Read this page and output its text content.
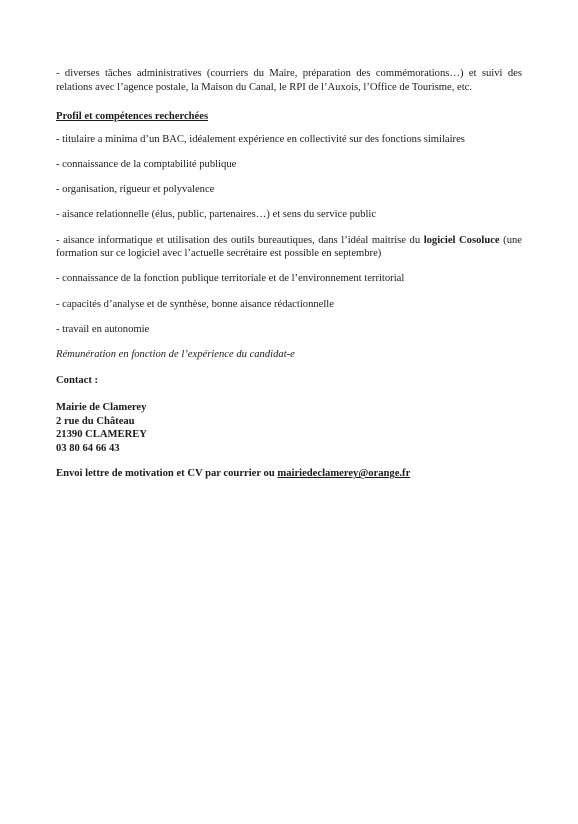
- diverses tâches administratives (courriers du Maire, préparation des commémorations…) et suivi des relations avec l’agence postale, la Maison du Canal, le RPI de l’Auxois, l’Office de Tourisme, etc.

Profil et compétences recherchées

- titulaire a minima d’un BAC, idéalement expérience en collectivité sur des fonctions similaires

- connaissance de la comptabilité publique

- organisation, rigueur et polyvalence

- aisance relationnelle (élus, public, partenaires…) et sens du service public

- aisance informatique et utilisation des outils bureautiques, dans l’idéal maitrise du logiciel Cosoluce (une formation sur ce logiciel avec l’actuelle secrétaire est possible en septembre)

- connaissance de la fonction publique territoriale et de l’environnement territorial

- capacités d’analyse et de synthèse, bonne aisance rédactionnelle

- travail en autonomie

Rémunération en fonction de l’expérience du candidat-e

Contact :

Mairie de Clamerey
2 rue du Château
21390 CLAMEREY
03 80 64 66 43

Envoi lettre de motivation et CV par courrier ou mairiedeclamerey@orange.fr
